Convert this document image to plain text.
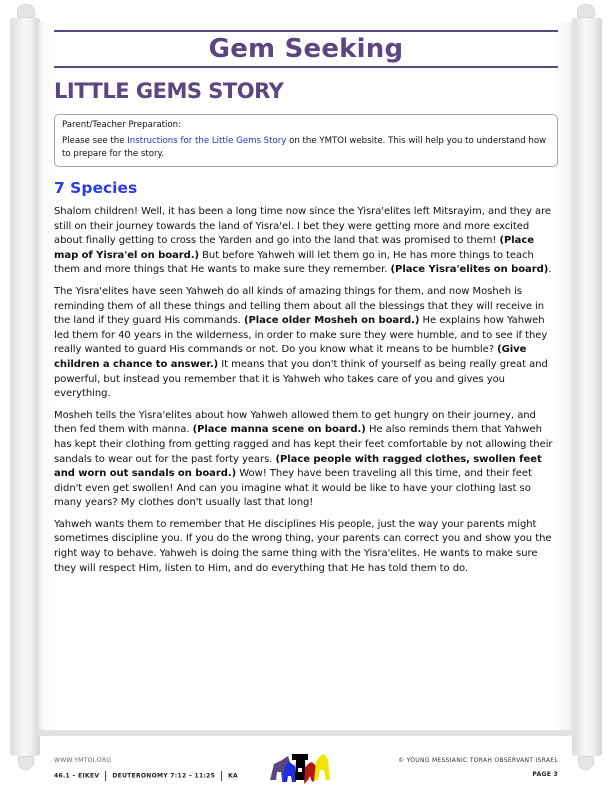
Gem Seeking
LITTLE GEMS STORY

Parent/Teacher Preparation:

Please see the Instructions for the Little Gems Story on the YMTOI website. This will help you to understand how to prepare for the story.

7 Species

Shalom children! Well, it has been a long time now since the Yisra'elites left Mitsrayim, and they are still on their journey towards the land of Yisra'el. I bet they were getting more and more excited about finally getting to cross the Yarden and go into the land that was promised to them! (Place map of Yisra'el on board.) But before Yahweh will let them go in, He has more things to teach them and more things that He wants to make sure they remember. (Place Yisra'elites on board).

The Yisra'elites have seen Yahweh do all kinds of amazing things for them, and now Mosheh is reminding them of all these things and telling them about all the blessings that they will receive in the land if they guard His commands. (Place older Mosheh on board.) He explains how Yahweh led them for 40 years in the wilderness, in order to make sure they were humble, and to see if they really wanted to guard His commands or not. Do you know what it means to be humble? (Give children a chance to answer.) It means that you don't think of yourself as being really great and powerful, but instead you remember that it is Yahweh who takes care of you and gives you everything.

Mosheh tells the Yisra'elites about how Yahweh allowed them to get hungry on their journey, and then fed them with manna. (Place manna scene on board.) He also reminds them that Yahweh has kept their clothing from getting ragged and has kept their feet comfortable by not allowing their sandals to wear out for the past forty years. (Place people with ragged clothes, swollen feet and worn out sandals on board.) Wow! They have been traveling all this time, and their feet didn't even get swollen! And can you imagine what it would be like to have your clothing last so many years? My clothes don't usually last that long!

Yahweh wants them to remember that He disciplines His people, just the way your parents might sometimes discipline you. If you do the wrong thing, your parents can correct you and show you the right way to behave. Yahweh is doing the same thing with the Yisra'elites. He wants to make sure they will respect Him, listen to Him, and do everything that He has told them to do.

WWW.YMTOI.ORG
46.1 – EIKEV DEUTERONOMY 7:12 – 11:25 KA
© YOUNG MESSIANIC TORAH OBSERVANT ISRAEL
PAGE 3
